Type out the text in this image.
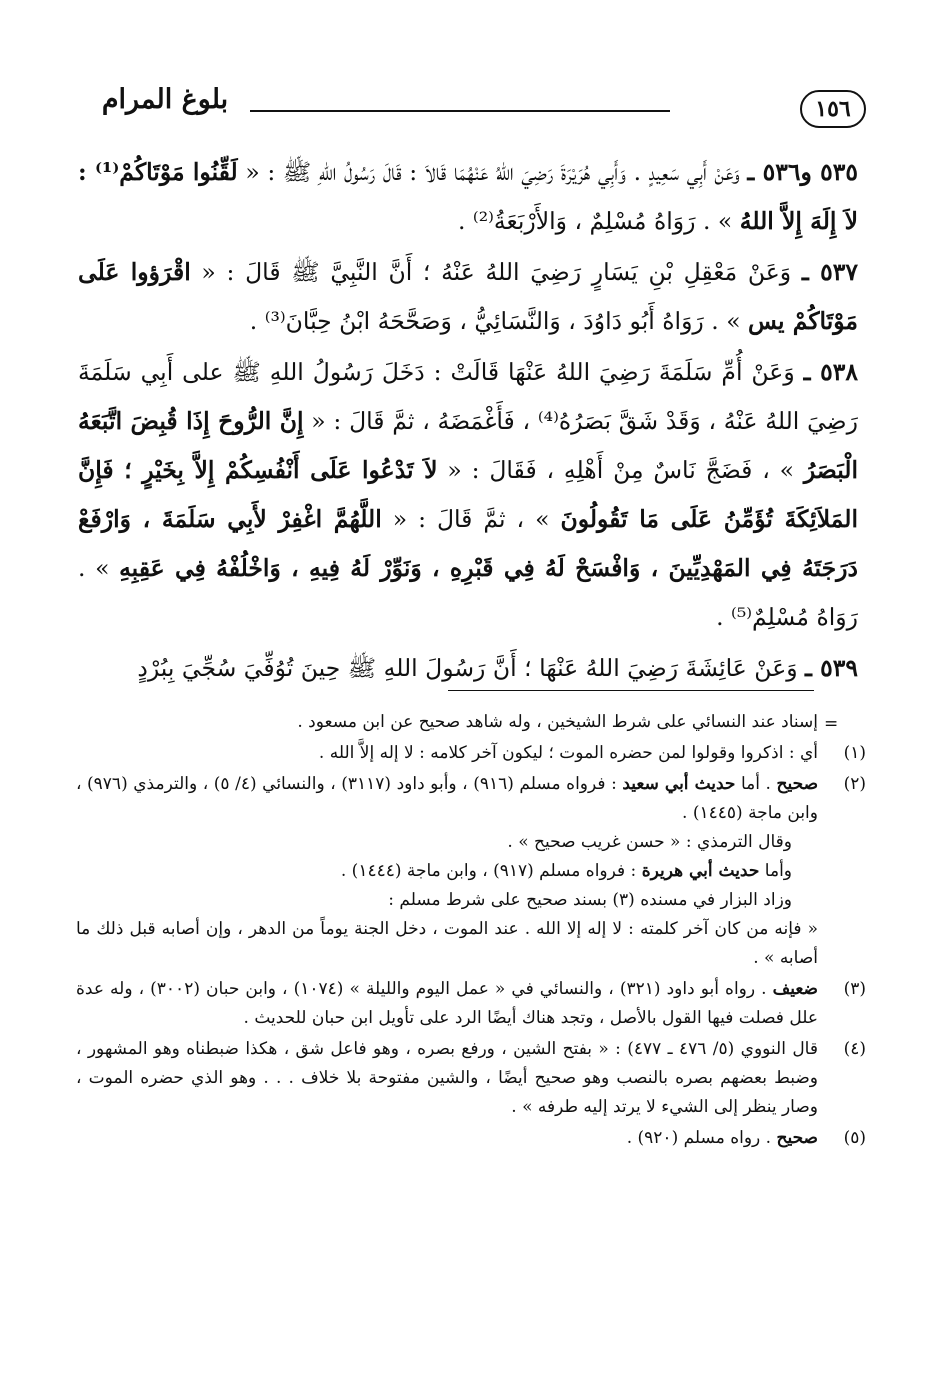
بلوغ المرام	١٥٦

٥٣٥ و٥٣٦ ـ وَعَنْ أَبِي سَعِيدٍ . وَأَبِي هُرَيْرَةَ رَضِيَ اللهُ عَنْهُمَا قَالاَ : قَالَ رَسُولُ اللهِ ﷺ : « لَقِّنُوا مَوْتَاكُمْ⁽¹⁾ : لاَ إِلَهَ إِلاَّ اللهُ » . رَوَاهُ مُسْلِمٌ ، وَالأَرْبَعَةُ⁽²⁾ .

٥٣٧ ـ وَعَنْ مَعْقِلِ بْنِ يَسَارٍ رَضِيَ اللهُ عَنْهُ ؛ أَنَّ النَّبِيَّ ﷺ قَالَ : « اقْرَؤوا عَلَى مَوْتَاكُمْ يس » . رَوَاهُ أَبُو دَاوُدَ ، وَالنَّسَائِيُّ ، وَصَحَّحَهُ ابْنُ حِبَّانَ⁽³⁾ .

٥٣٨ ـ وَعَنْ أُمِّ سَلَمَةَ رَضِيَ اللهُ عَنْهَا قَالَتْ : دَخَلَ رَسُولُ اللهِ ﷺ على أَبِي سَلَمَةَ رَضِيَ اللهُ عَنْهُ ، وَقَدْ شَقَّ بَصَرُهُ⁽⁴⁾ ، فَأَغْمَضَهُ ، ثمَّ قَالَ : « إِنَّ الرُّوحَ إِذَا قُبِضَ اتَّبَعَهُ الْبَصَرُ » ، فَضَجَّ نَاسٌ مِنْ أَهْلِهِ ، فَقَالَ : « لاَ تَدْعُوا عَلَى أَنْفُسِكُمْ إِلاَّ بِخَيْرٍ ؛ فَإِنَّ المَلاَئِكَةَ تُؤَمِّنُ عَلَى مَا تَقُولُونَ » ، ثمَّ قَالَ : « اللَّهُمَّ اغْفِرْ لأَبِي سَلَمَةَ ، وَارْفَعْ دَرَجَتَهُ فِي المَهْدِيِّينَ ، وَافْسَحْ لَهُ فِي قَبْرِهِ ، وَنَوِّرْ لَهُ فِيهِ ، وَاخْلُفْهُ فِي عَقِبِهِ » . رَوَاهُ مُسْلِمٌ⁽⁵⁾ .

٥٣٩ ـ وَعَنْ عَائِشَةَ رَضِيَ اللهُ عَنْهَا ؛ أَنَّ رَسُولَ اللهِ ﷺ حِينَ تُوُفِّيَ سُجِّيَ بِبُرْدٍ

=
إسناد عند النسائي على شرط الشيخين ، وله شاهد صحيح عن ابن مسعود .
(١)
أي : اذكروا وقولوا لمن حضره الموت ؛ ليكون آخر كلامه : لا إله إلاَّ الله .
(٢)
صحيح . أما حديث أبي سعيد : فرواه مسلم (٩١٦) ، وأبو داود (٣١١٧) ، والنسائي (٤/ ٥) ، والترمذي (٩٧٦) ، وابن ماجة (١٤٤٥) .
وقال الترمذي : « حسن غريب صحيح » .
وأما حديث أبي هريرة : فرواه مسلم (٩١٧) ، وابن ماجة (١٤٤٤) .
وزاد البزار في مسنده (٣) بسند صحيح على شرط مسلم :
« فإنه من كان آخر كلمته : لا إله إلا الله . عند الموت ، دخل الجنة يوماً من الدهر ، وإن أصابه قبل ذلك ما أصابه » .
(٣)
ضعيف . رواه أبو داود (٣٢١) ، والنسائي في « عمل اليوم والليلة » (١٠٧٤) ، وابن حبان (٣٠٠٢) ، وله عدة علل فصلت فيها القول بالأصل ، وتجد هناك أيضًا الرد على تأويل ابن حبان للحديث .
(٤)
قال النووي (٥/ ٤٧٦ ـ ٤٧٧) : « بفتح الشين ، ورفع بصره ، وهو فاعل شق ، هكذا ضبطناه وهو المشهور ، وضبط بعضهم بصره بالنصب وهو صحيح أيضًا ، والشين مفتوحة بلا خلاف . . . وهو الذي حضره الموت ، وصار ينظر إلى الشيء لا يرتد إليه طرفه » .
(٥)
صحيح . رواه مسلم (٩٢٠) .
